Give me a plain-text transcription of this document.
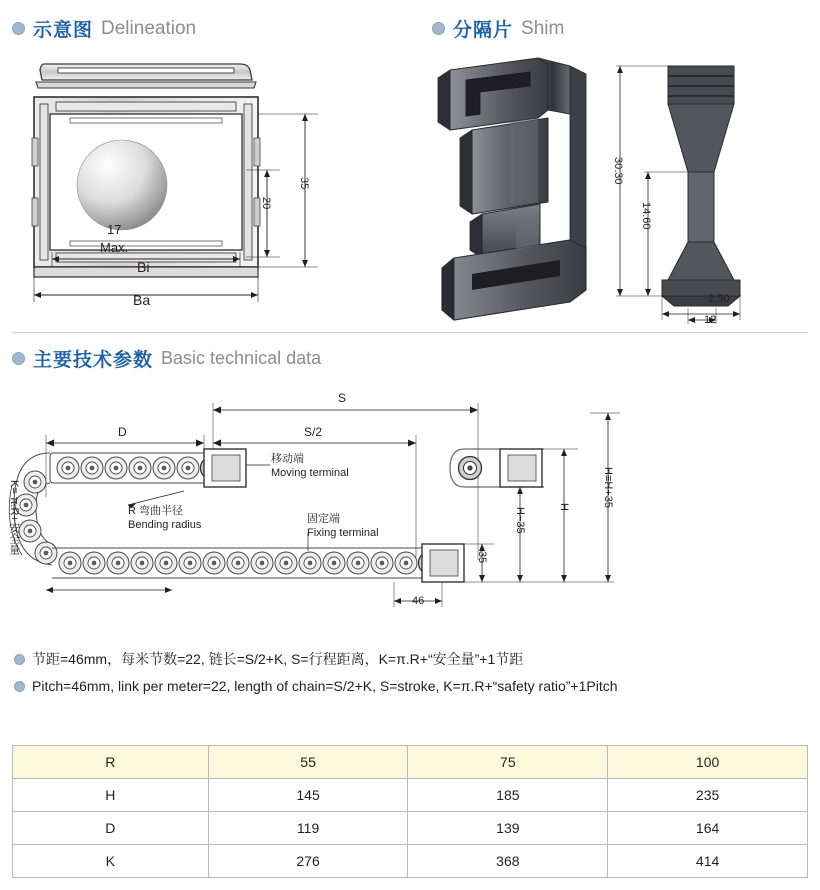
示意图 Delineation	分隔片 Shim
17
Max.
20
35
Bi
Ba
30.30
14.60
2.50
12
主要技术参数 Basic technical data
S
S/2
D
K= π.R+安全量
移动端
Moving terminal
固定端
Fixing terminal
R 弯曲半径
Bending radius
46
35
H−35
H	H≡H+35
节距=46mm，每米节数=22, 链长=S/2+K, S=行程距离，K=π.R+“安全量”+1节距
Pitch=46mm, link per meter=22, length of chain=S/2+K, S=stroke, K=π.R+“safety ratio”+1Pitch
R	55	75	100
H	145	185	235
D	119	139	164
K	276	368	414
